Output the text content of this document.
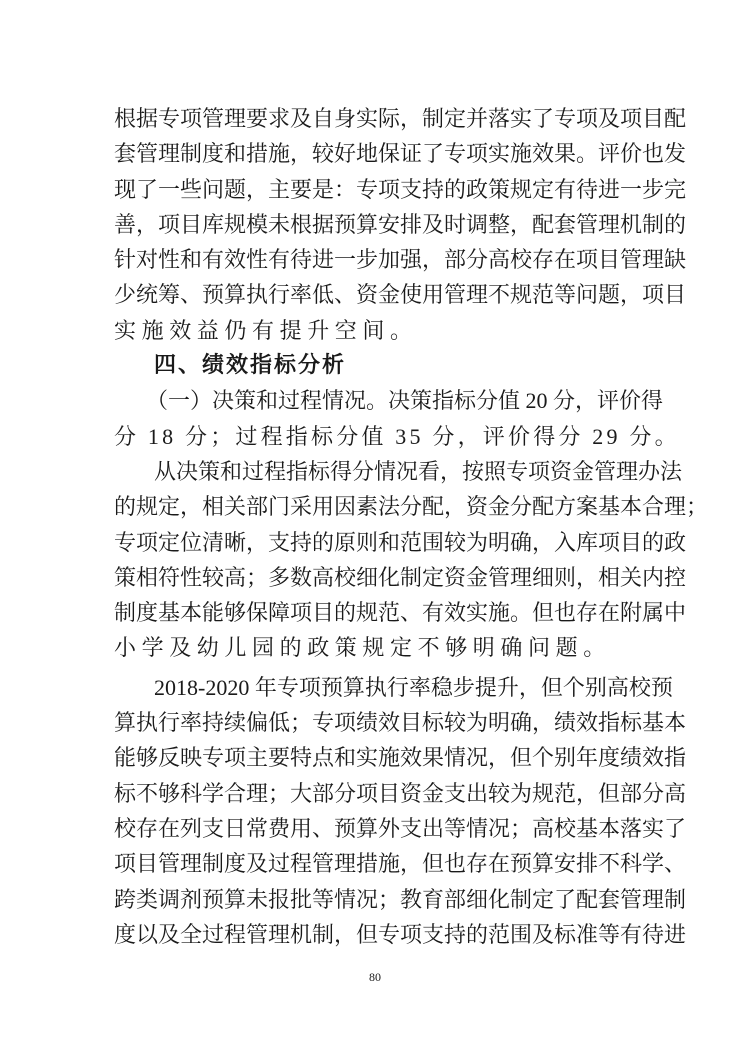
根据专项管理要求及自身实际，制定并落实了专项及项目配
套管理制度和措施，较好地保证了专项实施效果。评价也发
现了一些问题，主要是：专项支持的政策规定有待进一步完
善，项目库规模未根据预算安排及时调整，配套管理机制的
针对性和有效性有待进一步加强，部分高校存在项目管理缺
少统筹、预算执行率低、资金使用管理不规范等问题，项目
实施效益仍有提升空间。
四、绩效指标分析
（一）决策和过程情况。决策指标分值 20 分，评价得
分 18 分；过程指标分值 35 分，评价得分 29 分。
从决策和过程指标得分情况看，按照专项资金管理办法
的规定，相关部门采用因素法分配，资金分配方案基本合理；
专项定位清晰，支持的原则和范围较为明确，入库项目的政
策相符性较高；多数高校细化制定资金管理细则，相关内控
制度基本能够保障项目的规范、有效实施。但也存在附属中
小学及幼儿园的政策规定不够明确问题。
2018-2020 年专项预算执行率稳步提升，但个别高校预
算执行率持续偏低；专项绩效目标较为明确，绩效指标基本
能够反映专项主要特点和实施效果情况，但个别年度绩效指
标不够科学合理；大部分项目资金支出较为规范，但部分高
校存在列支日常费用、预算外支出等情况；高校基本落实了
项目管理制度及过程管理措施，但也存在预算安排不科学、
跨类调剂预算未报批等情况；教育部细化制定了配套管理制
度以及全过程管理机制，但专项支持的范围及标准等有待进
80
